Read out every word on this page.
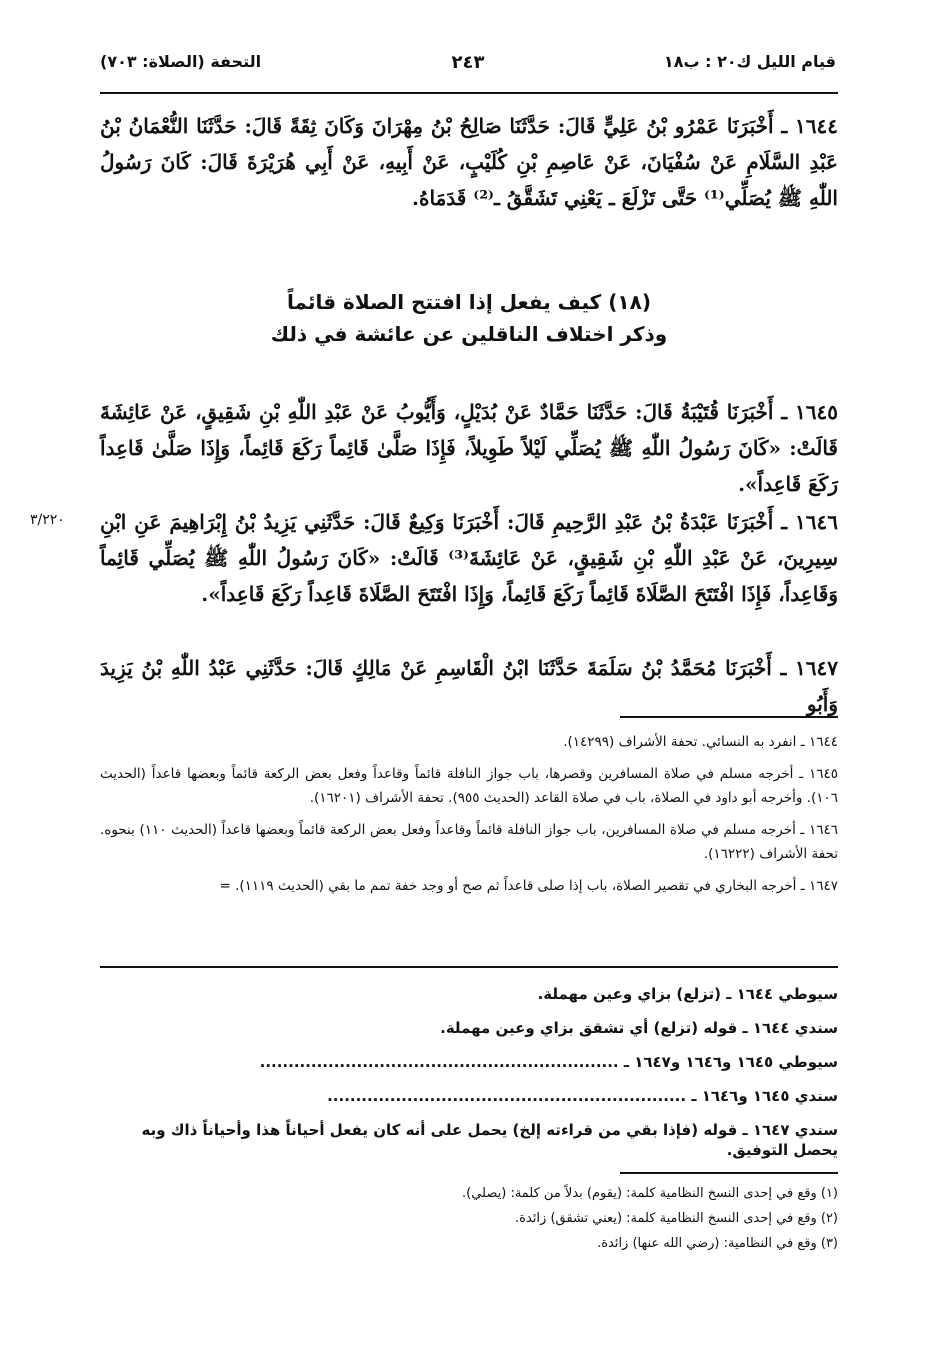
قيام الليل ك٢٠ : ب١٨
٢٤٣
التحفة (الصلاة: ٧٠٣)

١٦٤٤ ـ أَخْبَرَنَا عَمْرُو بْنُ عَلِيٍّ قَالَ: حَدَّثَنَا صَالِحُ بْنُ مِهْرَانَ وَكَانَ ثِقَةً قَالَ: حَدَّثَنَا النُّعْمَانُ بْنُ عَبْدِ السَّلَامِ عَنْ سُفْيَانَ، عَنْ عَاصِمِ بْنِ كُلَيْبٍ، عَنْ أَبِيهِ، عَنْ أَبِي هُرَيْرَةَ قَالَ: كَانَ رَسُولُ اللّٰهِ ﷺ يُصَلِّي⁽¹⁾ حَتَّى تَزْلَعَ ـ يَعْنِي تَشَقَّقُ ـ⁽²⁾ قَدَمَاهُ.

(١٨) كيف يفعل إذا افتتح الصلاة قائماً
وذكر اختلاف الناقلين عن عائشة في ذلك

١٦٤٥ ـ أَخْبَرَنَا قُتَيْبَةُ قَالَ: حَدَّثَنَا حَمَّادٌ عَنْ بُدَيْلٍ، وَأَيُّوبُ عَنْ عَبْدِ اللّٰهِ بْنِ شَقِيقٍ، عَنْ عَائِشَةَ قَالَتْ: «كَانَ رَسُولُ اللّٰهِ ﷺ يُصَلِّي لَيْلاً طَوِيلاً، فَإِذَا صَلَّىٰ قَائِماً رَكَعَ قَائِماً، وَإِذَا صَلَّىٰ قَاعِداً رَكَعَ قَاعِداً».

٣/٢٢٠ ١٦٤٦ ـ أَخْبَرَنَا عَبْدَةُ بْنُ عَبْدِ الرَّحِيمِ قَالَ: أَخْبَرَنَا وَكِيعٌ قَالَ: حَدَّثَنِي يَزِيدُ بْنُ إِبْرَاهِيمَ عَنِ ابْنِ سِيرِينَ، عَنْ عَبْدِ اللّٰهِ بْنِ شَقِيقٍ، عَنْ عَائِشَةَ⁽³⁾ قَالَتْ: «كَانَ رَسُولُ اللّٰهِ ﷺ يُصَلِّي قَائِماً وَقَاعِداً، فَإِذَا افْتَتَحَ الصَّلَاةَ قَائِماً رَكَعَ قَائِماً، وَإِذَا افْتَتَحَ الصَّلَاةَ قَاعِداً رَكَعَ قَاعِداً».

١٦٤٧ ـ أَخْبَرَنَا مُحَمَّدُ بْنُ سَلَمَةَ حَدَّثَنَا ابْنُ الْقَاسِمِ عَنْ مَالِكٍ قَالَ: حَدَّثَنِي عَبْدُ اللّٰهِ بْنُ يَزِيدَ وَأَبُو

١٦٤٤ ـ انفرد به النسائي. تحفة الأشراف (١٤٢٩٩).
١٦٤٥ ـ أخرجه مسلم في صلاة المسافرين وقصرها، باب جواز النافلة قائماً وقاعداً وفعل بعض الركعة قائماً وبعضها قاعداً (الحديث ١٠٦). وأخرجه أبو داود في الصلاة، باب في صلاة القاعد (الحديث ٩٥٥). تحفة الأشراف (١٦٢٠١).
١٦٤٦ ـ أخرجه مسلم في صلاة المسافرين، باب جواز النافلة قائماً وقاعداً وفعل بعض الركعة قائماً وبعضها قاعداً (الحديث ١١٠) بنحوه. تحفة الأشراف (١٦٢٢٢).
١٦٤٧ ـ أخرجه البخاري في تقصير الصلاة، باب إذا صلى قاعداً ثم صح أو وجد خفة تمم ما بقي (الحديث ١١١٩). =
سيوطي ١٦٤٤ ـ (تزلع) بزاي وعين مهملة.
سندي ١٦٤٤ ـ قوله (تزلع) أي تشقق بزاي وعين مهملة.
سيوطي ١٦٤٥ و١٦٤٦ و١٦٤٧ ـ ...............................................................
سندي ١٦٤٥ و١٦٤٦ ـ ...............................................................
سندي ١٦٤٧ ـ قوله (فإذا بقي من قراءته إلخ) يحمل على أنه كان يفعل أحياناً هذا وأحياناً ذاك وبه يحصل التوفيق.
(١) وقع في إحدى النسخ النظامية كلمة: (يقوم) بدلاً من كلمة: (يصلي).
(٢) وقع في إحدى النسخ النظامية كلمة: (يعني تشقق) زائدة.
(٣) وقع في النظامية: (رضي الله عنها) زائدة.
